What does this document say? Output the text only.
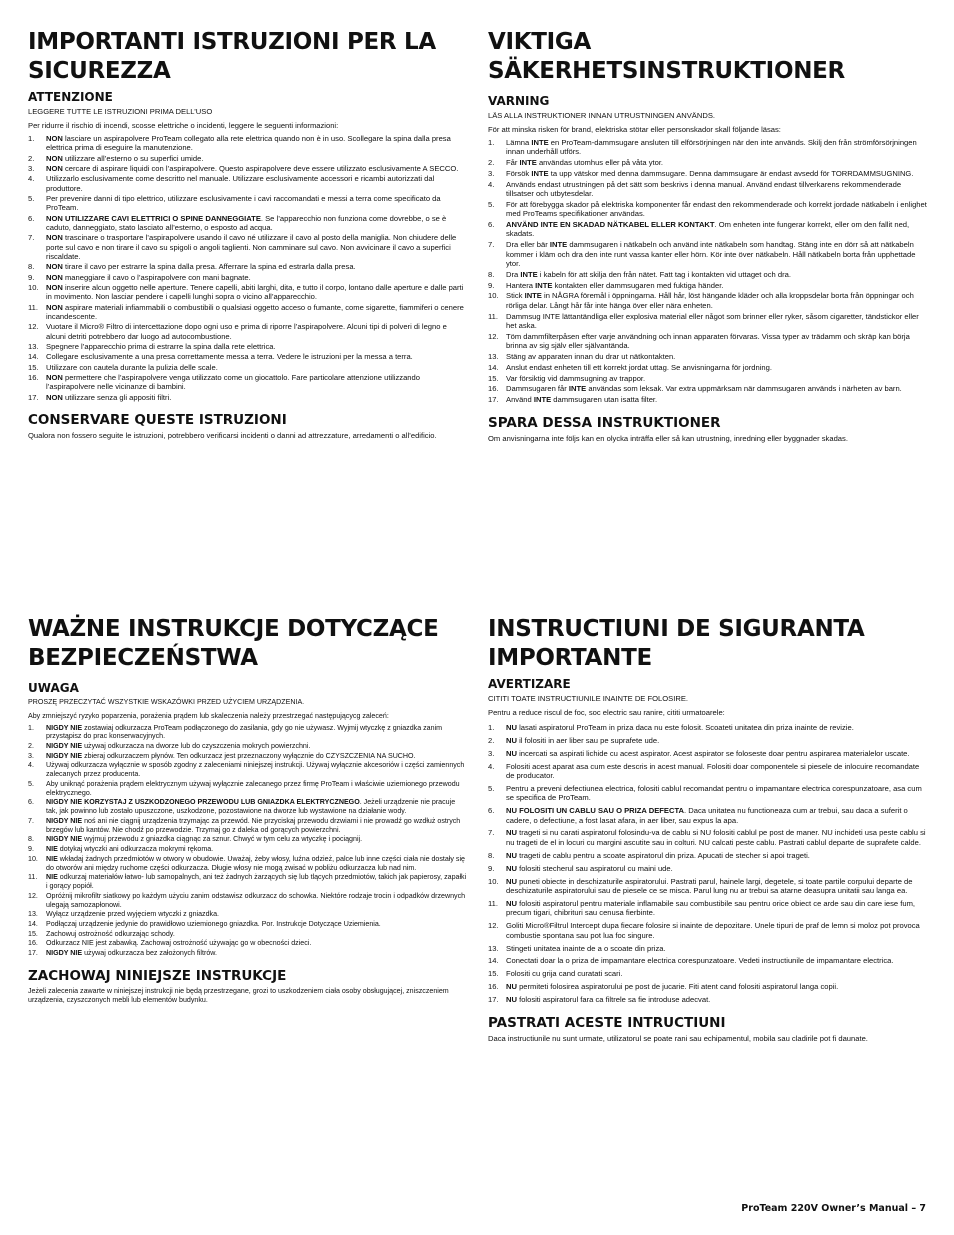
IMPORTANTI ISTRUZIONI PER LA SICUREZZA
ATTENZIONE

LEGGERE TUTTE LE ISTRUZIONI PRIMA DELL’USO

Per ridurre il rischio di incendi, scosse elettriche o incidenti, leggere le seguenti informazioni:

1.	NON lasciare un aspirapolvere ProTeam collegato alla rete elettrica quando non è in uso. Scollegare la spina dalla presa elettrica prima di eseguire la manutenzione.
2.	NON utilizzare all’esterno o su superfici umide.
3.	NON cercare di aspirare liquidi con l’aspirapolvere. Questo aspirapolvere deve essere utilizzato esclusivamente A SECCO.
4.	Utilizzarlo esclusivamente come descritto nel manuale. Utilizzare esclusivamente accessori e ricambi autorizzati dal produttore.
5.	Per prevenire danni di tipo elettrico, utilizzare esclusivamente i cavi raccomandati e messi a terra come specificato da ProTeam.
6.	NON UTILIZZARE CAVI ELETTRICI O SPINE DANNEGGIATE. Se l’apparecchio non funziona come dovrebbe, o se è caduto, danneggiato, stato lasciato all’esterno, o esposto ad acqua.
7.	NON trascinare o trasportare l’aspirapolvere usando il cavo né utilizzare il cavo al posto della maniglia. Non chiudere delle porte sul cavo e non tirare il cavo su spigoli o angoli taglienti. Non camminare sul cavo. Non avvicinare il cavo a superfici riscaldate.
8.	NON tirare il cavo per estrarre la spina dalla presa. Afferrare la spina ed estrarla dalla presa.
9.	NON maneggiare il cavo o l’aspirapolvere con mani bagnate.
10. NON inserire alcun oggetto nelle aperture. Tenere capelli, abiti larghi, dita, e tutto il corpo, lontano dalle aperture e dalle parti in movimento. Non lasciar pendere i capelli lunghi sopra o vicino all’apparecchio.
11.	NON aspirare materiali infiammabili o combustibili o qualsiasi oggetto acceso o fumante, come sigarette, fiammiferi o cenere incandescente.
12. Vuotare il Micro® Filtro di intercettazione dopo ogni uso e prima di riporre l’aspirapolvere. Alcuni tipi di polveri di legno e alcuni detriti potrebbero dar luogo ad autocombustione.
13. Spegnere l’apparecchio prima di estrarre la spina dalla rete elettrica.
14. Collegare esclusivamente a una presa correttamente messa a terra. Vedere le istruzioni per la messa a terra.
15. Utilizzare con cautela durante la pulizia delle scale.
16. NON permettere che l’aspirapolvere venga utilizzato come un giocattolo. Fare particolare attenzione utilizzando l’aspirapolvere nelle vicinanze di bambini.
17. NON utilizzare senza gli appositi filtri.
CONSERVARE QUESTE ISTRUZIONI

Qualora non fossero seguite le istruzioni, potrebbero verificarsi incidenti o danni ad attrezzature, arredamenti o all’edificio.

VIKTIGA SÄKERHETSINSTRUKTIONER
VARNING

LÄS ALLA INSTRUKTIONER INNAN UTRUSTNINGEN ANVÄNDS.

För att minska risken för brand, elektriska stötar eller personskador skall följande läsas:

1.	Lämna INTE en ProTeam-dammsugare ansluten till elförsörjningen när den inte används. Skilj den från strömförsörjningen innan underhåll utförs.
2.	Får INTE användas utomhus eller på våta ytor.
3.	Försök INTE ta upp vätskor med denna dammsugare. Denna dammsugare är endast avsedd för TORRDAMMSUGNING.
4.	Används endast utrustningen på det sätt som beskrivs i denna manual. Använd endast tillverkarens rekommenderade tillsatser och utbytesdelar.
5.	För att förebygga skador på elektriska komponenter får endast den rekommenderade och korrekt jordade nätkabeln i enlighet med ProTeams specifikationer användas.
6.	ANVÄND INTE EN SKADAD NÄTKABEL ELLER KONTAKT. Om enheten inte fungerar korrekt, eller om den fallit ned, skadats.
7.	Dra eller bär INTE dammsugaren i nätkabeln och använd inte nätkabeln som handtag. Stäng inte en dörr så att nätkabeln kommer i kläm och dra den inte runt vassa kanter eller hörn. Kör inte över nätkabeln. Håll nätkabeln borta från upphettade ytor.
8.	Dra INTE i kabeln för att skilja den från nätet. Fatt tag i kontakten vid uttaget och dra.
9.	Hantera INTE kontakten eller dammsugaren med fuktiga händer.
10. Stick INTE in NÅGRA föremål i öppningarna. Håll hår, löst hängande kläder och alla kroppsdelar borta från öppningar och rörliga delar. Långt hår får inte hänga över eller nära enheten.
11.	Dammsug INTE lättantändliga eller explosiva material eller något som brinner eller ryker, såsom cigaretter, tändstickor eller het aska.
12. Töm dammfilterpåsen efter varje användning och innan apparaten förvaras. Vissa typer av trädamm och skräp kan börja brinna av sig själv eller självantända.
13. Stäng av apparaten innan du drar ut nätkontakten.
14. Anslut endast enheten till ett korrekt jordat uttag. Se anvisningarna för jordning.
15. Var försiktig vid dammsugning av trappor.
16. Dammsugaren får INTE användas som leksak. Var extra uppmärksam när dammsugaren används i närheten av barn.
17. Använd INTE dammsugaren utan isatta filter.
SPARA DESSA INSTRUKTIONER

Om anvisningarna inte följs kan en olycka inträffa eller så kan utrustning, inredning eller byggnader skadas.

WAŻNE INSTRUKCJE DOTYCZĄCE BEZPIECZEŃSTWA
UWAGA

PROSZĘ PRZECZYTAĆ WSZYSTKIE WSKAZÓWKI PRZED UŻYCIEM URZĄDZENIA.

Aby zmniejszyć ryzyko poparzenia, porażenia prądem lub skaleczenia należy przestrzegać następującycg zaleceń:

1.	NIGDY NIE zostawiaj odkurzacza ProTeam podłączonego do zasilania, gdy go nie używasz. Wyjmij wtyczkę z gniazdka zanim przystąpisz do prac konserwacyjnych.
2.	NIGDY NIE używaj odkurzacza na dworze lub do czyszczenia mokrych powierzchni.
3.	NIGDY NIE zbieraj odkurzaczem płynów. Ten odkurzacz jest przeznaczony wyłącznie do CZYSZCZENIA NA SUCHO.
4.	Używaj odkurzacza wyłącznie w sposób zgodny z zaleceniami niniejszej instrukcji. Używaj wyłącznie akcesoriów i części zamiennych zalecanych przez producenta.
5.	Aby uniknąć porażenia prądem elektrycznym używaj wyłącznie zalecanego przez firmę ProTeam i właściwie uziemionego przewodu elektrycznego.
6.	NIGDY NIE KORZYSTAJ Z USZKODZONEGO PRZEWODU LUB GNIAZDKA ELEKTRYCZNEGO. Jeżeli urządzenie nie pracuje tak, jak powinno lub zostało upuszczone, uszkodzone, pozostawione na dworze lub wystawione na działanie wody.
7.	NIGDY NIE noś ani nie ciągnij urządzenia trzymając za przewód. Nie przyciskaj przewodu drzwiami i nie prowadź go wzdłuż ostrych brzegów lub kantów. Nie chodź po przewodzie. Trzymaj go z daleka od gorących powierzchni.
8.	NIGDY NIE wyjmuj przewodu z gniazdka ciągnąc za sznur. Chwyć w tym celu za wtyczkę i pociągnij.
9.	NIE dotykaj wtyczki ani odkurzacza mokrymi rękoma.
10.	NIE wkładaj żadnych przedmiotów w otwory w obudowie. Uważaj, żeby włosy, luźna odzież, palce lub inne części ciała nie dostały się do otworów ani między ruchome części odkurzacza. Długie włosy nie mogą zwisać w pobliżu odkurzacza lub nad nim.
11.	NIE odkurzaj materiałów łatwo- lub samopalnych, ani też żadnych żarzących się lub tlących przedmiotów, takich jak papierosy, zapałki i gorący popiół.
12.	Opróżnij mikrofiltr siatkowy po każdym użyciu zanim odstawisz odkurzacz do schowka. Niektóre rodzaje trocin i odpadków drzewnych ulegają samozapłonowi.
13.	Wyłącz urządzenie przed wyjęciem wtyczki z gniazdka.
14.	Podłączaj urządzenie jedynie do prawidłowo uziemionego gniazdka. Por. Instrukcje Dotyczące Uziemienia.
15.	Zachowuj ostrożność odkurzając schody.
16.	Odkurzacz NIE jest zabawką. Zachowaj ostrożność używając go w obecności dzieci.
17.	NIGDY NIE używaj odkurzacza bez założonych filtrów.
ZACHOWAJ NINIEJSZE INSTRUKCJE

Jeżeli zalecenia zawarte w niniejszej instrukcji nie będą przestrzegane, grozi to uszkodzeniem ciała osoby obsługującej, zniszczeniem urządzenia, czyszczonych mebli lub elementów budynku.

INSTRUCTIUNI DE SIGURANTA IMPORTANTE
AVERTIZARE

CITITI TOATE INSTRUCTIUNILE INAINTE DE FOLOSIRE.

Pentru a reduce riscul de foc, soc electric sau ranire, cititi urmatoarele:

1.	NU lasati aspiratorul ProTeam in priza daca nu este folosit. Scoateti unitatea din priza inainte de revizie.
2.	NU il folositi in aer liber sau pe suprafete ude.
3.	NU incercati sa aspirati lichide cu acest aspirator. Acest aspirator se foloseste doar pentru aspirarea materialelor uscate.
4.	Folositi acest aparat asa cum este descris in acest manual. Folositi doar componentele si piesele de inlocuire recomandate de producator.
5.	Pentru a preveni defectiunea electrica, folositi cablul recomandat pentru o impamantare electrica corespunzatoare, asa cum se specifica de ProTeam.
6.	NU FOLOSITI UN CABLU SAU O PRIZA DEFECTA. Daca unitatea nu functioneaza cum ar trebui, sau daca a suferit o cadere, o defectiune, a fost lasat afara, in aer liber, sau expus la apa.
7.	NU trageti si nu carati aspiratorul folosindu-va de cablu si NU folositi cablul pe post de maner. NU inchideti usa peste cablu si nu trageti de el in locuri cu margini ascutite sau in colturi. NU calcati peste cablu. Pastrati cablul departe de suprafete calde.
8.	NU trageti de cablu pentru a scoate aspiratorul din priza. Apucati de stecher si apoi trageti.
9.	NU folositi stecherul sau aspiratorul cu maini ude.
10. NU puneti obiecte in deschizaturile aspiratorului. Pastrati parul, hainele largi, degetele, si toate partile corpului departe de deschizaturile aspiratorului sau de piesele ce se misca. Parul lung nu ar trebui sa atarne deasupra unitatii sau langa ea.
11.	NU folositi aspiratorul pentru materiale inflamabile sau combustibile sau pentru orice obiect ce arde sau din care iese fum, precum tigari, chibrituri sau cenusa fierbinte.
12. Goliti Micro®Filtrul Intercept dupa fiecare folosire si inainte de depozitare. Unele tipuri de praf de lemn si moloz pot provoca combustie spontana sau pot lua foc singure.
13. Stingeti unitatea inainte de a o scoate din priza.
14. Conectati doar la o priza de impamantare electrica corespunzatoare. Vedeti instructiunile de impamantare electrica.
15. Folositi cu grija cand curatati scari.
16. NU permiteti folosirea aspiratorului pe post de jucarie. Fiti atent cand folositi aspiratorul langa copii.
17. NU folositi aspiratorul fara ca filtrele sa fie introduse adecvat.
PASTRATI ACESTE INTRUCTIUNI

Daca instructiunile nu sunt urmate, utilizatorul se poate rani sau echipamentul, mobila sau cladirile pot fi daunate.

ProTeam 220V Owner’s Manual – 7
